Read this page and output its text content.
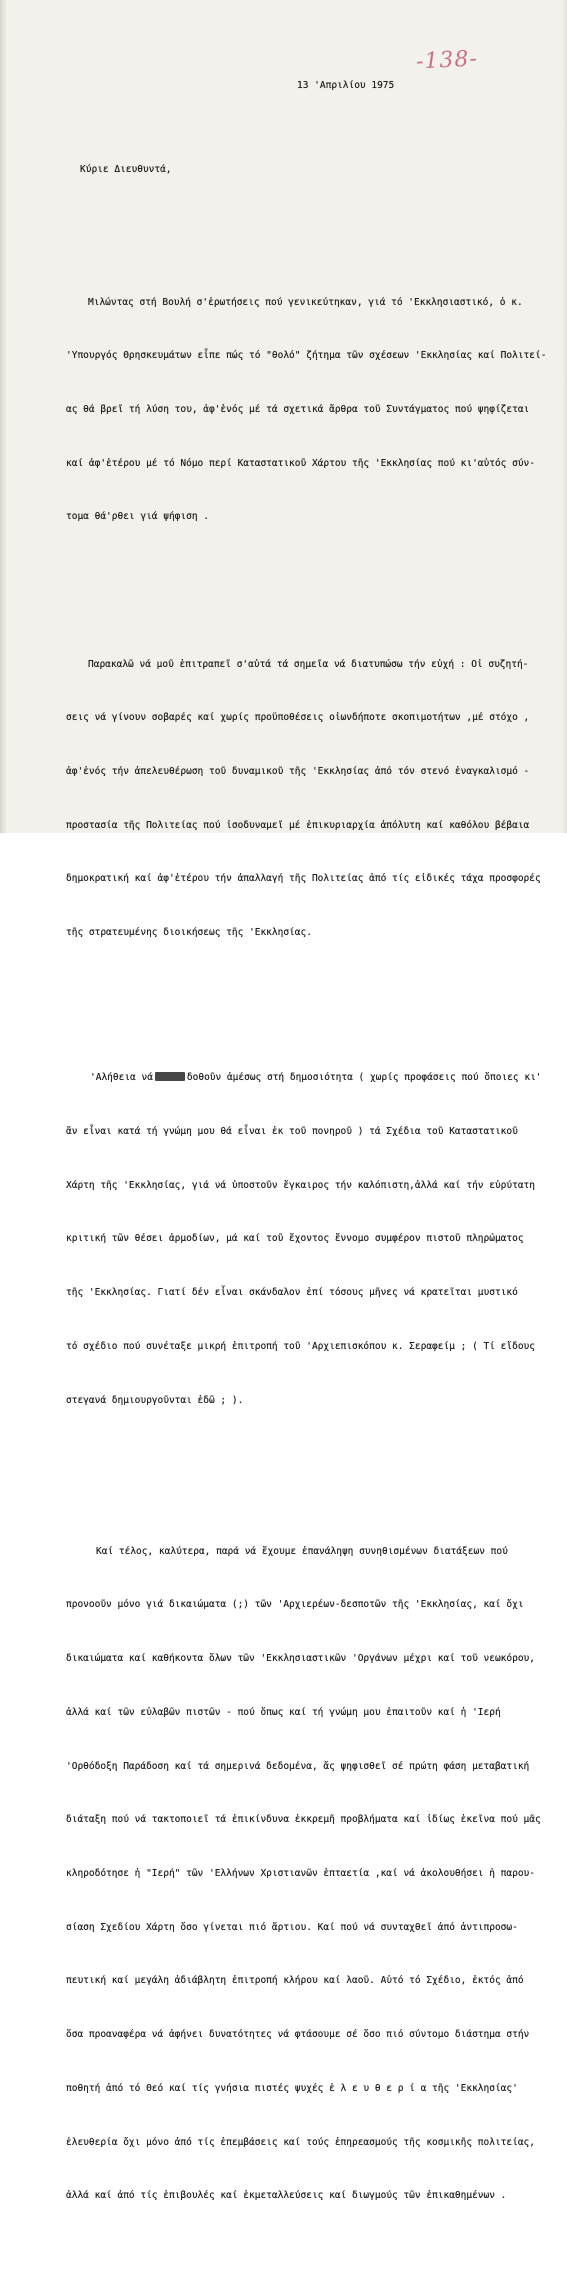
-138-
13 'Απριλίου 1975
Κύριε Διευθυντά,

Μιλώντας στή Βουλή σ'ἐρωτήσεις πού γενικεύτηκαν, γιά τό 'Εκκλησιαστικό, ὁ κ.

'Υπουργός Θρησκευμάτων εἶπε πώς τό "θολό" ζήτημα τῶν σχέσεων 'Εκκλησίας καί Πολιτεί-

ας θά βρεῖ τή λύση του, ἀφ'ἑνός μέ τά σχετικά ἄρθρα τοῦ Συντάγματος πού ψηφίζεται

καί ἀφ'ἑτέρου μέ τό Νόμο περί Καταστατικοῦ Χάρτου τῆς 'Εκκλησίας πού κι'αὐτός σύν-

τομα θά'ρθει γιά ψήφιση .

Παρακαλῶ νά μοῦ ἐπιτραπεῖ σ'αὐτά τά σημεῖα νά διατυπώσω τήν εὐχή : Οἱ συζητή-

σεις νά γίνουν σοβαρές καί χωρίς προϋποθέσεις οἱωνδήποτε σκοπιμοτήτων ,μέ στόχο ,

ἀφ'ἑνός τήν ἀπελευθέρωση τοῦ δυναμικοῦ τῆς 'Εκκλησίας ἀπό τόν στενό ἐναγκαλισμό -

προστασία τῆς Πολιτείας πού ἰσοδυναμεῖ μέ ἐπικυριαρχία ἀπόλυτη καί καθόλου βέβαια

δημοκρατική καί ἀφ'ἑτέρου τήν ἀπαλλαγή τῆς Πολιτείας ἀπό τίς εἰδικές τάχα προσφορές

τῆς στρατευμένης διοικήσεως τῆς 'Εκκλησίας.

'Αλήθεια νά	δοθοῦν ἀμέσως στή δημοσιότητα ( χωρίς προφάσεις πού ὅποιες κι'

ἄν εἶναι κατά τή γνώμη μου θά εἶναι ἐκ τοῦ πονηροῦ ) τά Σχέδια τοῦ Καταστατικοῦ

Χάρτη τῆς 'Εκκλησίας, γιά νά ὑποστοῦν ἔγκαιρος τήν καλόπιστη,ἀλλά καί τήν εὐρύτατη

κριτική τῶν θέσει ἁρμοδίων, μά καί τοῦ ἔχοντος ἔννομο συμφέρον πιστοῦ πληρώματος

τῆς 'Εκκλησίας. Γιατί δέν εἶναι σκάνδαλον ἐπί τόσους μῆνες νά κρατεῖται μυστικό

τό σχέδιο πού συνέταξε μικρή ἐπιτροπή τοῦ 'Αρχιεπισκόπου κ. Σεραφείμ ; ( Τί εἴδους

στεγανά δημιουργοῦνται ἐδῶ ; ).

Καί τέλος, καλύτερα, παρά νά ἔχουμε ἐπανάληψη συνηθισμένων διατάξεων πού

προνοοῦν μόνο γιά δικαιώματα (;) τῶν 'Αρχιερέων-δεσποτῶν τῆς 'Εκκλησίας, καί ὄχι

δικαιώματα καί καθήκοντα ὅλων τῶν 'Εκκλησιαστικῶν 'Οργάνων μέχρι καί τοῦ νεωκόρου,

ἀλλά καί τῶν εὐλαβῶν πιστῶν - πού ὅπως καί τή γνώμη μου ἐπαιτοῦν καί ἡ 'Ιερή

'Ορθόδοξη Παράδοση καί τά σημερινά δεδομένα, ἄς ψηφισθεῖ σέ πρώτη φάση μεταβατική

διάταξη πού νά τακτοποιεῖ τά ἐπικίνδυνα ἐκκρεμῆ προβλήματα καί ἰδίως ἐκεῖνα πού μᾶς

κληροδότησε ἡ "Ιερή" τῶν 'Ελλήνων Χριστιανῶν ἐπταετία ,καί νά ἀκολουθήσει ἡ παρου-

σίαση Σχεδίου Χάρτη ὅσο γίνεται πιό ἄρτιου. Καί πού νά συνταχθεῖ ἀπό ἀντιπροσω-

πευτική καί μεγάλη ἀδιάβλητη ἐπιτροπή κλήρου καί λαοῦ. Αὐτό τό Σχέδιο, ἐκτός ἀπό

ὅσα προαναφέρα νά ἀφήνει δυνατότητες νά φτάσουμε σέ ὅσο πιό σύντομο διάστημα στήν

ποθητή ἀπό τό Θεό καί τίς γνήσια πιστές ψυχές ἐ λ ε υ θ ε ρ ί α τῆς 'Εκκλησίας'

ἐλευθερία ὄχι μόνο ἀπό τίς ἐπεμβάσεις καί τούς ἐπηρεασμούς τῆς κοσμικῆς πολιτείας,

ἀλλά καί ἀπό τίς ἐπιβουλές καί ἐκμεταλλεύσεις καί διωγμούς τῶν ἐπικαθημένων .
